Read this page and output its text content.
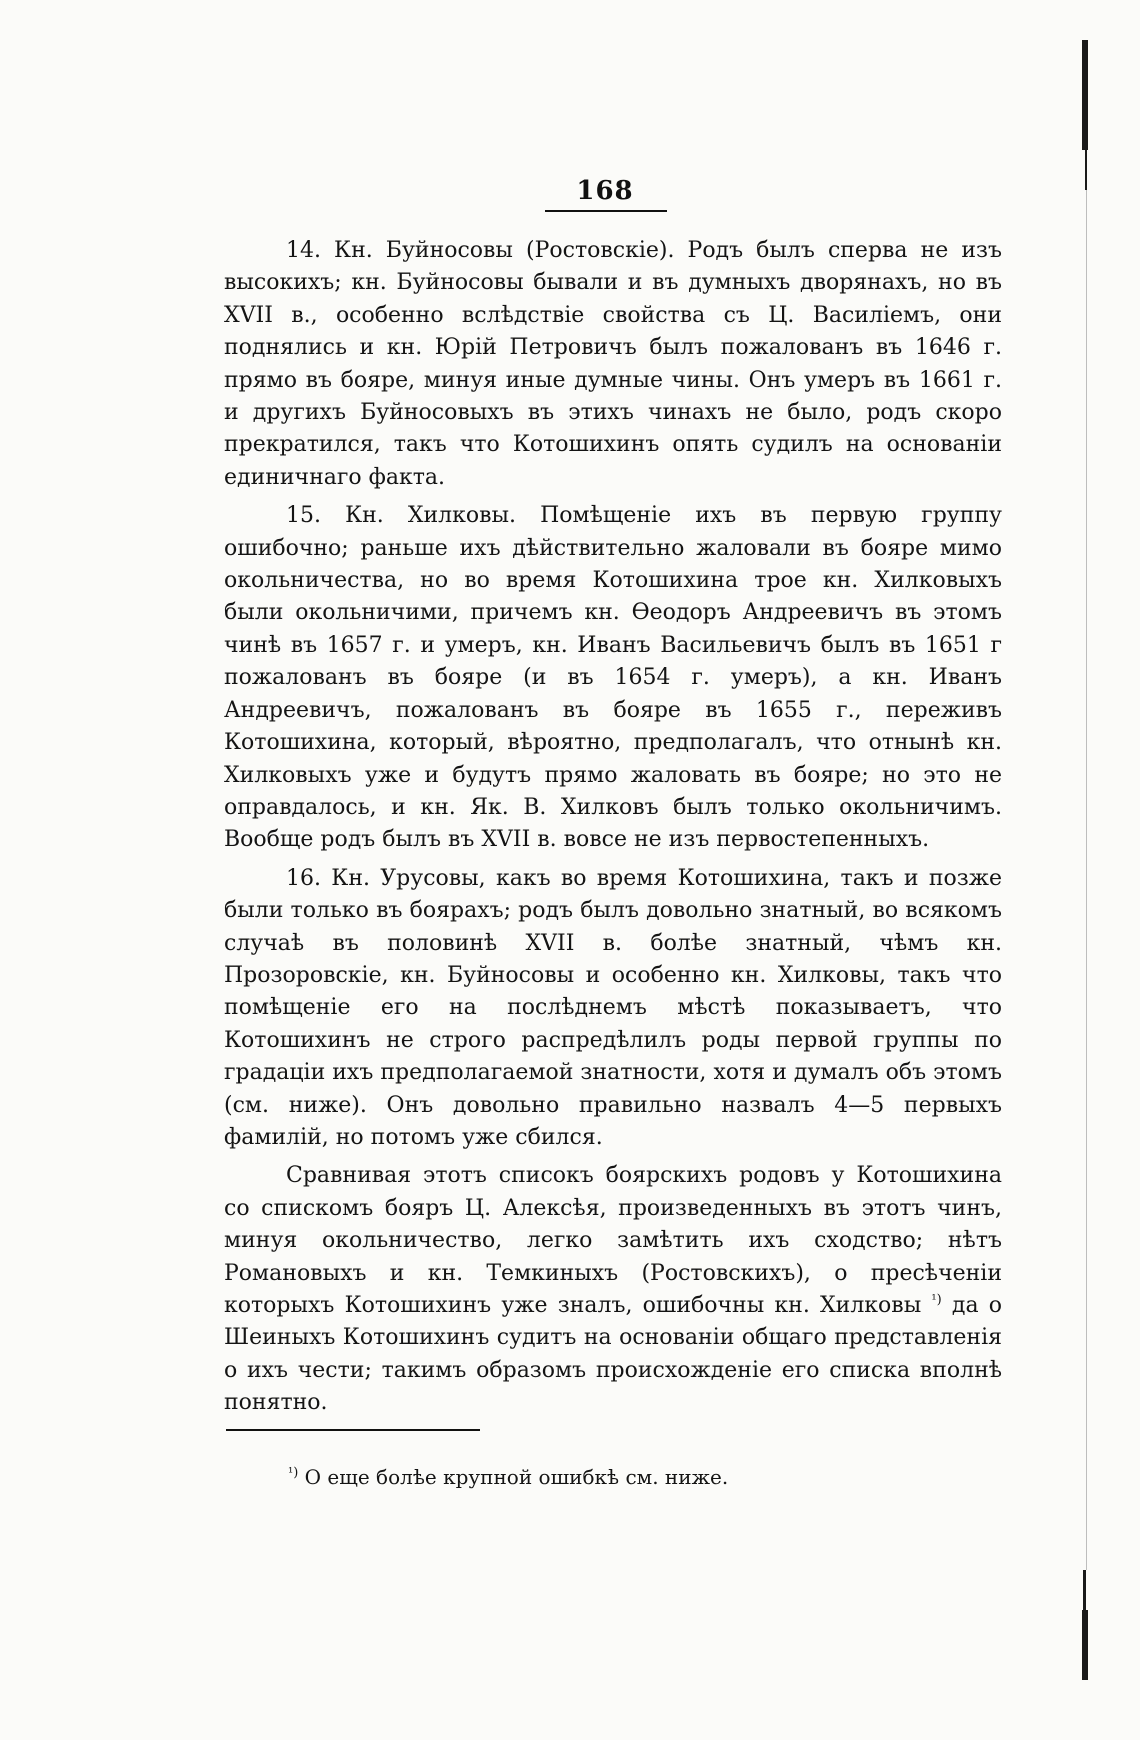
168

14. Кн. Буйносовы (Ростовскіе). Родъ былъ сперва не изъ высокихъ; кн. Буйносовы бывали и въ думныхъ дворянахъ, но въ XVII в., особенно вслѣдствіе свойства съ Ц. Василіемъ, они поднялись и кн. Юрій Петровичъ былъ пожалованъ въ 1646 г. прямо въ бояре, минуя иные думные чины. Онъ умеръ въ 1661 г. и другихъ Буйносовыхъ въ этихъ чинахъ не было, родъ скоро прекратился, такъ что Котошихинъ опять судилъ на основаніи единичнаго факта.

15. Кн. Хилковы. Помѣщеніе ихъ въ первую группу ошибочно; раньше ихъ дѣйствительно жаловали въ бояре мимо окольничества, но во время Котошихина трое кн. Хилковыхъ были окольничими, причемъ кн. Ѳеодоръ Андреевичъ въ этомъ чинѣ въ 1657 г. и умеръ, кн. Иванъ Васильевичъ былъ въ 1651 г пожалованъ въ бояре (и въ 1654 г. умеръ), а кн. Иванъ Андреевичъ, пожалованъ въ бояре въ 1655 г., переживъ Котошихина, который, вѣроятно, предполагалъ, что отнынѣ кн. Хилковыхъ уже и будутъ прямо жаловать въ бояре; но это не оправдалось, и кн. Як. В. Хилковъ былъ только окольничимъ. Вообще родъ былъ въ XVII в. вовсе не изъ первостепенныхъ.

16. Кн. Урусовы, какъ во время Котошихина, такъ и позже были только въ боярахъ; родъ былъ довольно знатный, во всякомъ случаѣ въ половинѣ XVII в. болѣе знатный, чѣмъ кн. Прозоровскіе, кн. Буйносовы и особенно кн. Хилковы, такъ что помѣщеніе его на послѣднемъ мѣстѣ показываетъ, что Котошихинъ не строго распредѣлилъ роды первой группы по градаціи ихъ предполагаемой знатности, хотя и думалъ объ этомъ (см. ниже). Онъ довольно правильно назвалъ 4—5 первыхъ фамилій, но потомъ уже сбился.

Сравнивая этотъ списокъ боярскихъ родовъ у Котошихина со спискомъ бояръ Ц. Алексѣя, произведенныхъ въ этотъ чинъ, минуя окольничество, легко замѣтить ихъ сходство; нѣтъ Романовыхъ и кн. Темкиныхъ (Ростовскихъ), о пресѣченіи которыхъ Котошихинъ уже зналъ, ошибочны кн. Хилковы $^{^1)}$ да о Шеиныхъ Котошихинъ судитъ на основаніи общаго представленія о ихъ чести; такимъ образомъ происхожденіе его списка вполнѣ понятно.

$^{^1)}$ О еще болѣе крупной ошибкѣ см. ниже.
